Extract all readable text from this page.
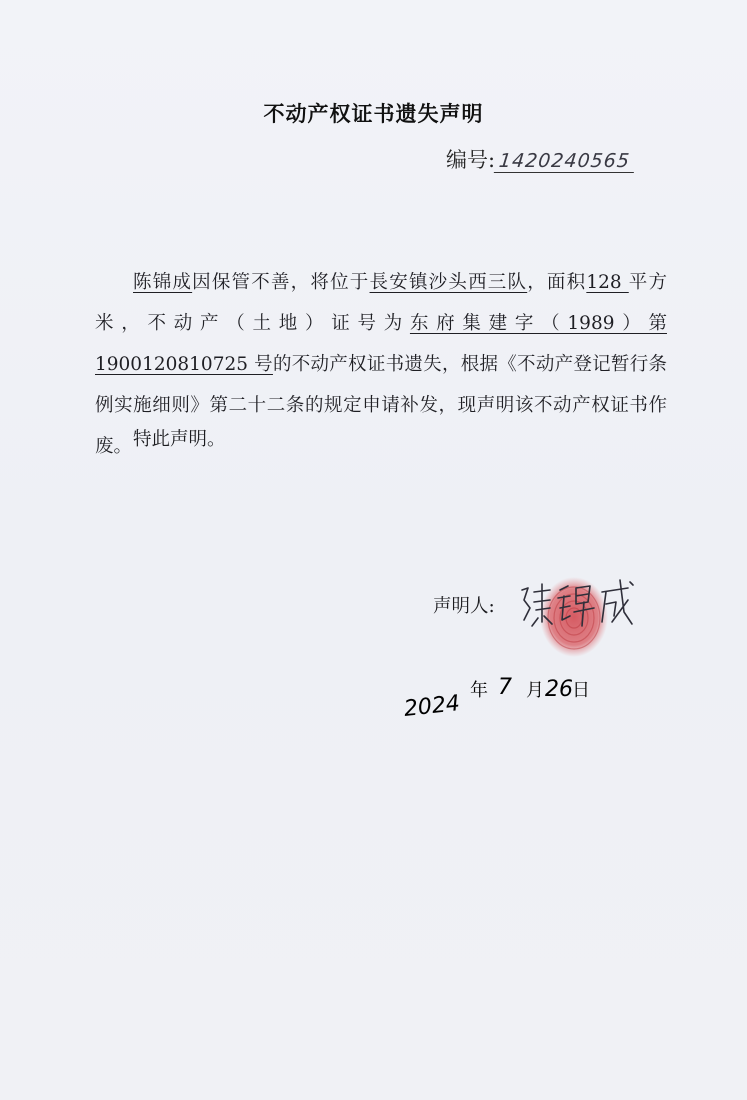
不动产权证书遗失声明
编号: 1420240565

陈锦成因保管不善，将位于長安镇沙头西三队，面积128 平方米，不动产（土地）证号为东府集建字（1989）第 1900120810725 号的不动产权证书遗失，根据《不动产登记暂行条例实施细则》第二十二条的规定申请补发，现声明该不动产权证书作废。 特此声明。
声明人:
2024
年 7 月 26 日
